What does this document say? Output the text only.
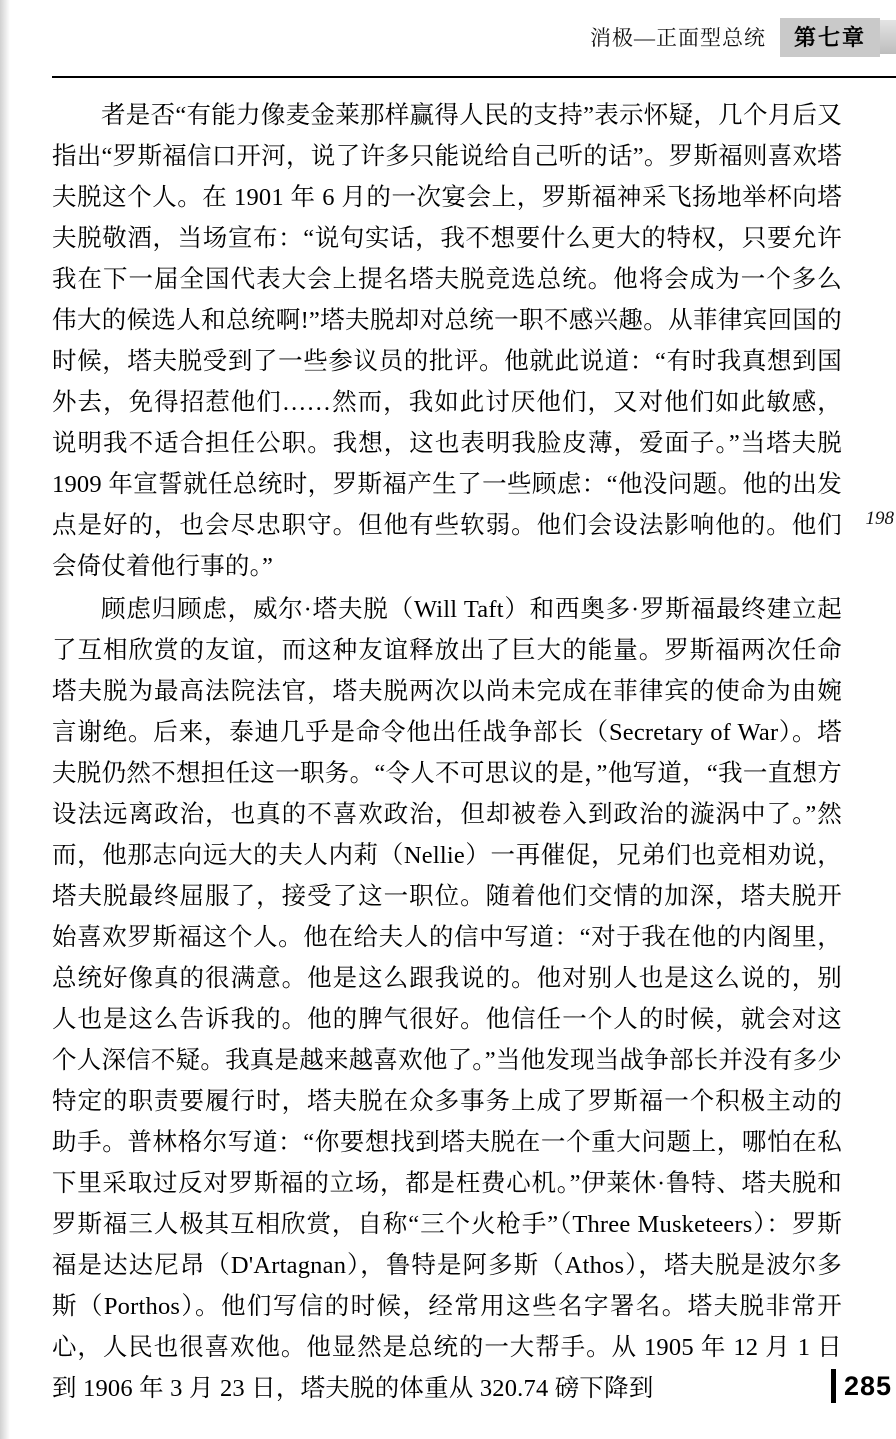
消极—正面型总统	第七章

者是否“有能力像麦金莱那样赢得人民的支持”表示怀疑，几个月后又指出“罗斯福信口开河，说了许多只能说给自己听的话”。罗斯福则喜欢塔夫脱这个人。在 1901 年 6 月的一次宴会上，罗斯福神采飞扬地举杯向塔夫脱敬酒，当场宣布：“说句实话，我不想要什么更大的特权，只要允许我在下一届全国代表大会上提名塔夫脱竞选总统。他将会成为一个多么伟大的候选人和总统啊!”塔夫脱却对总统一职不感兴趣。从菲律宾回国的时候，塔夫脱受到了一些参议员的批评。他就此说道：“有时我真想到国外去，免得招惹他们……然而，我如此讨厌他们，又对他们如此敏感，说明我不适合担任公职。我想，这也表明我脸皮薄，爱面子。”当塔夫脱 1909 年宣誓就任总统时，罗斯福产生了一些顾虑：“他没问题。他的出发点是好的，也会尽忠职守。但他有些软弱。他们会设法影响他的。他们会倚仗着他行事的。”

顾虑归顾虑，威尔·塔夫脱（Will Taft）和西奥多·罗斯福最终建立起了互相欣赏的友谊，而这种友谊释放出了巨大的能量。罗斯福两次任命塔夫脱为最高法院法官，塔夫脱两次以尚未完成在菲律宾的使命为由婉言谢绝。后来，泰迪几乎是命令他出任战争部长（Secretary of War）。塔夫脱仍然不想担任这一职务。“令人不可思议的是，”他写道，“我一直想方设法远离政治，也真的不喜欢政治，但却被卷入到政治的漩涡中了。”然而，他那志向远大的夫人内莉（Nellie）一再催促，兄弟们也竞相劝说，塔夫脱最终屈服了，接受了这一职位。随着他们交情的加深，塔夫脱开始喜欢罗斯福这个人。他在给夫人的信中写道：“对于我在他的内阁里，总统好像真的很满意。他是这么跟我说的。他对别人也是这么说的，别人也是这么告诉我的。他的脾气很好。他信任一个人的时候，就会对这个人深信不疑。我真是越来越喜欢他了。”当他发现当战争部长并没有多少特定的职责要履行时，塔夫脱在众多事务上成了罗斯福一个积极主动的助手。普林格尔写道：“你要想找到塔夫脱在一个重大问题上，哪怕在私下里采取过反对罗斯福的立场，都是枉费心机。”伊莱休·鲁特、塔夫脱和罗斯福三人极其互相欣赏，自称“三个火枪手”（Three Musketeers）：罗斯福是达达尼昂（D'Artagnan），鲁特是阿多斯（Athos），塔夫脱是波尔多斯（Porthos）。他们写信的时候，经常用这些名字署名。塔夫脱非常开心，人民也很喜欢他。他显然是总统的一大帮手。从 1905 年 12 月 1 日到 1906 年 3 月 23 日，塔夫脱的体重从 320.74 磅下降到

198
285
